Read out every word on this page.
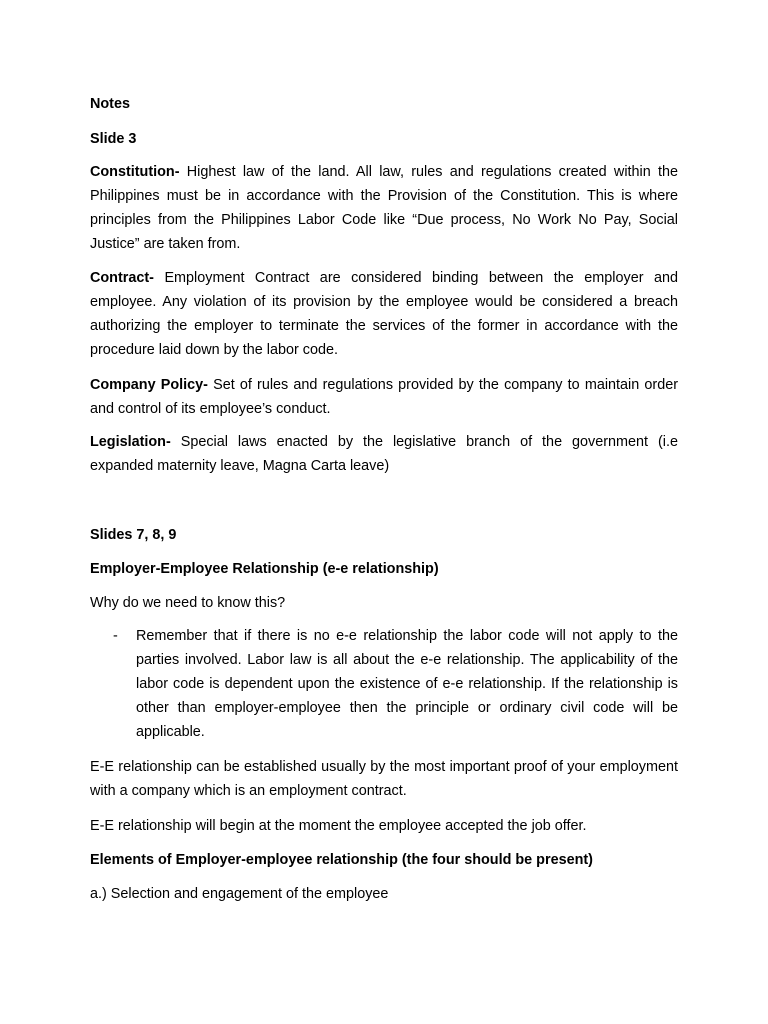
Notes
Slide 3
Constitution- Highest law of the land. All law, rules and regulations created within the Philippines must be in accordance with the Provision of the Constitution. This is where principles from the Philippines Labor Code like “Due process, No Work No Pay, Social Justice” are taken from.
Contract- Employment Contract are considered binding between the employer and employee. Any violation of its provision by the employee would be considered a breach authorizing the employer to terminate the services of the former in accordance with the procedure laid down by the labor code.
Company Policy- Set of rules and regulations provided by the company to maintain order and control of its employee’s conduct.
Legislation- Special laws enacted by the legislative branch of the government (i.e expanded maternity leave, Magna Carta leave)
Slides 7, 8, 9
Employer-Employee Relationship (e-e relationship)
Why do we need to know this?
- Remember that if there is no e-e relationship the labor code will not apply to the parties involved. Labor law is all about the e-e relationship. The applicability of the labor code is dependent upon the existence of e-e relationship. If the relationship is other than employer-employee then the principle or ordinary civil code will be applicable.
E-E relationship can be established usually by the most important proof of your employment with a company which is an employment contract.
E-E relationship will begin at the moment the employee accepted the job offer.
Elements of Employer-employee relationship (the four should be present)
a.) Selection and engagement of the employee
